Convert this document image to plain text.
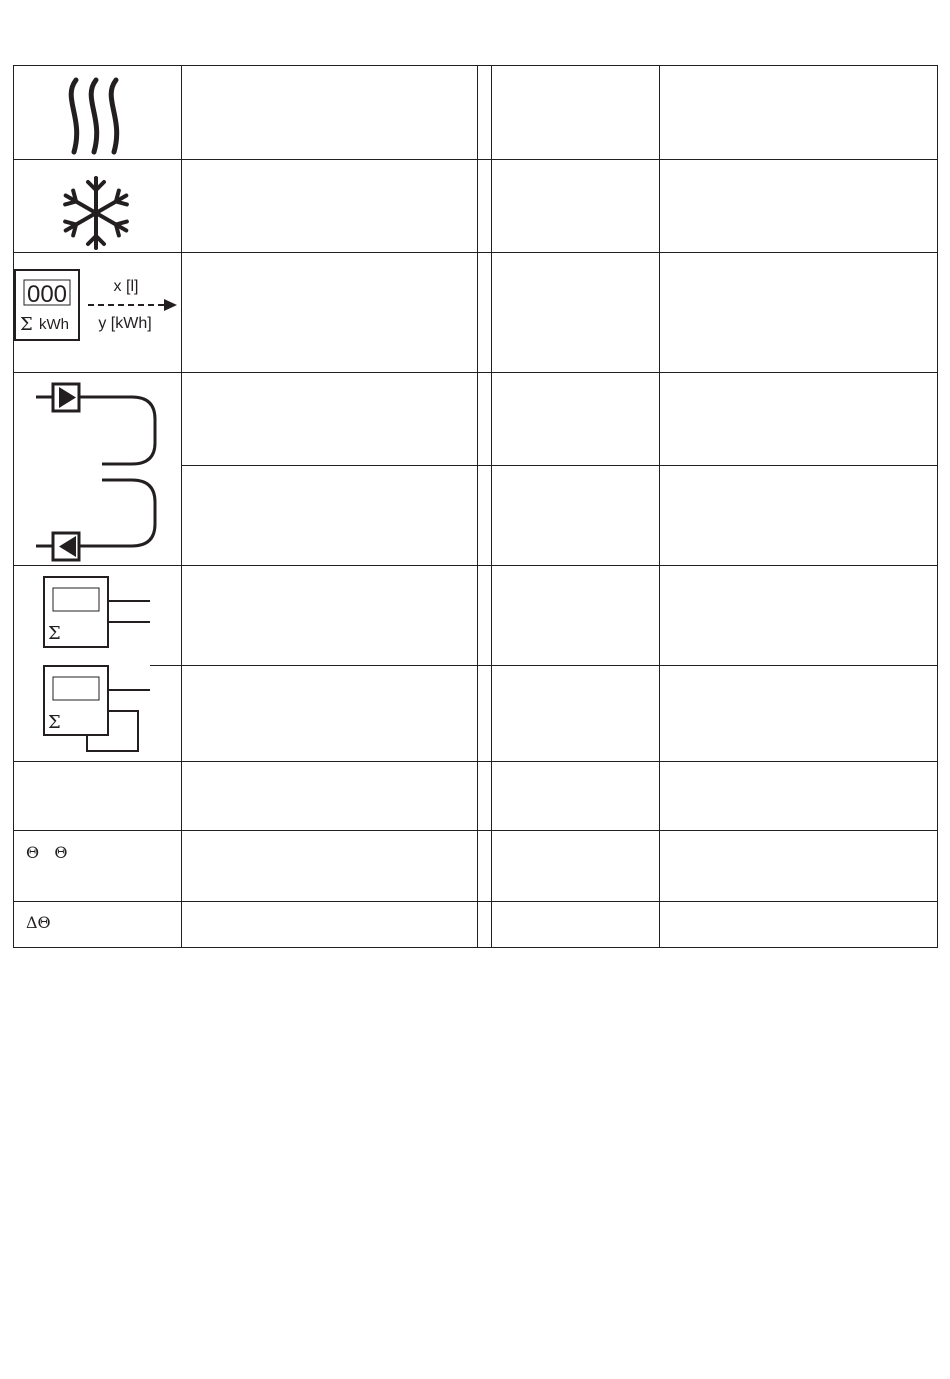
000
Σ kWh
x [l]
y [kWh]
Σ
Σ
Θ   Θ
ΔΘ
